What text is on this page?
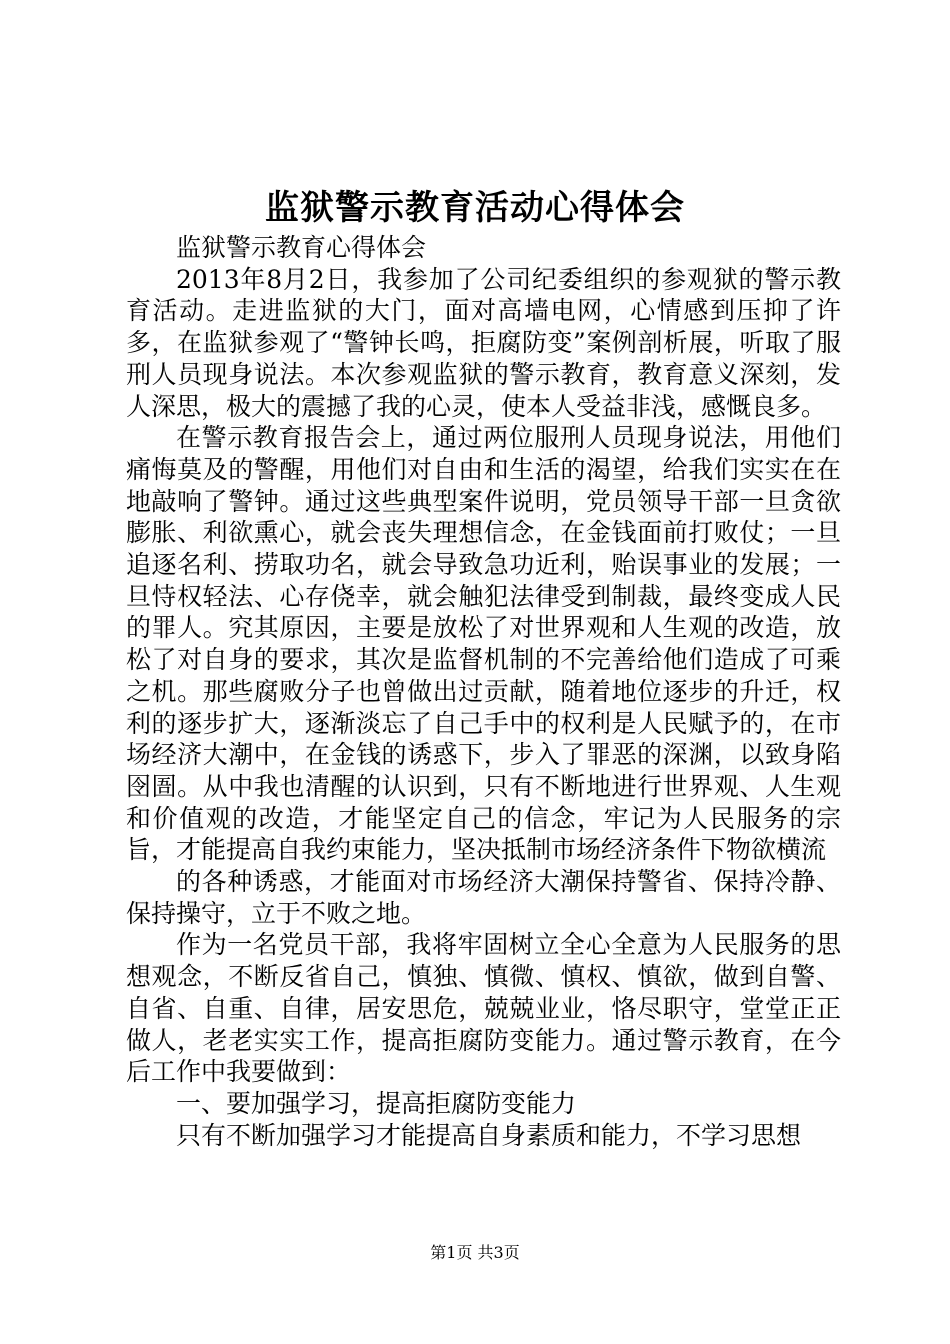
监狱警示教育活动心得体会

监狱警示教育心得体会

2013年8月2日，我参加了公司纪委组织的参观狱的警示教育活动。走进监狱的大门，面对高墙电网，心情感到压抑了许多，在监狱参观了“警钟长鸣，拒腐防变”案例剖析展，听取了服刑人员现身说法。本次参观监狱的警示教育，教育意义深刻，发人深思，极大的震撼了我的心灵，使本人受益非浅，感慨良多。

在警示教育报告会上，通过两位服刑人员现身说法，用他们痛悔莫及的警醒，用他们对自由和生活的渴望，给我们实实在在地敲响了警钟。通过这些典型案件说明，党员领导干部一旦贪欲膨胀、利欲熏心，就会丧失理想信念，在金钱面前打败仗；一旦追逐名利、捞取功名，就会导致急功近利，贻误事业的发展；一旦恃权轻法、心存侥幸，就会触犯法律受到制裁，最终变成人民的罪人。究其原因，主要是放松了对世界观和人生观的改造，放松了对自身的要求，其次是监督机制的不完善给他们造成了可乘之机。那些腐败分子也曾做出过贡献，随着地位逐步的升迁，权利的逐步扩大，逐渐淡忘了自己手中的权利是人民赋予的，在市场经济大潮中，在金钱的诱惑下，步入了罪恶的深渊，以致身陷囹圄。从中我也清醒的认识到，只有不断地进行世界观、人生观和价值观的改造，才能坚定自己的信念，牢记为人民服务的宗旨，才能提高自我约束能力，坚决抵制市场经济条件下物欲横流

的各种诱惑，才能面对市场经济大潮保持警省、保持冷静、保持操守，立于不败之地。

作为一名党员干部，我将牢固树立全心全意为人民服务的思想观念，不断反省自己，慎独、慎微、慎权、慎欲，做到自警、自省、自重、自律，居安思危，兢兢业业，恪尽职守，堂堂正正做人，老老实实工作，提高拒腐防变能力。通过警示教育，在今后工作中我要做到：

一、要加强学习，提高拒腐防变能力

只有不断加强学习才能提高自身素质和能力，不学习思想

第1页 共3页
